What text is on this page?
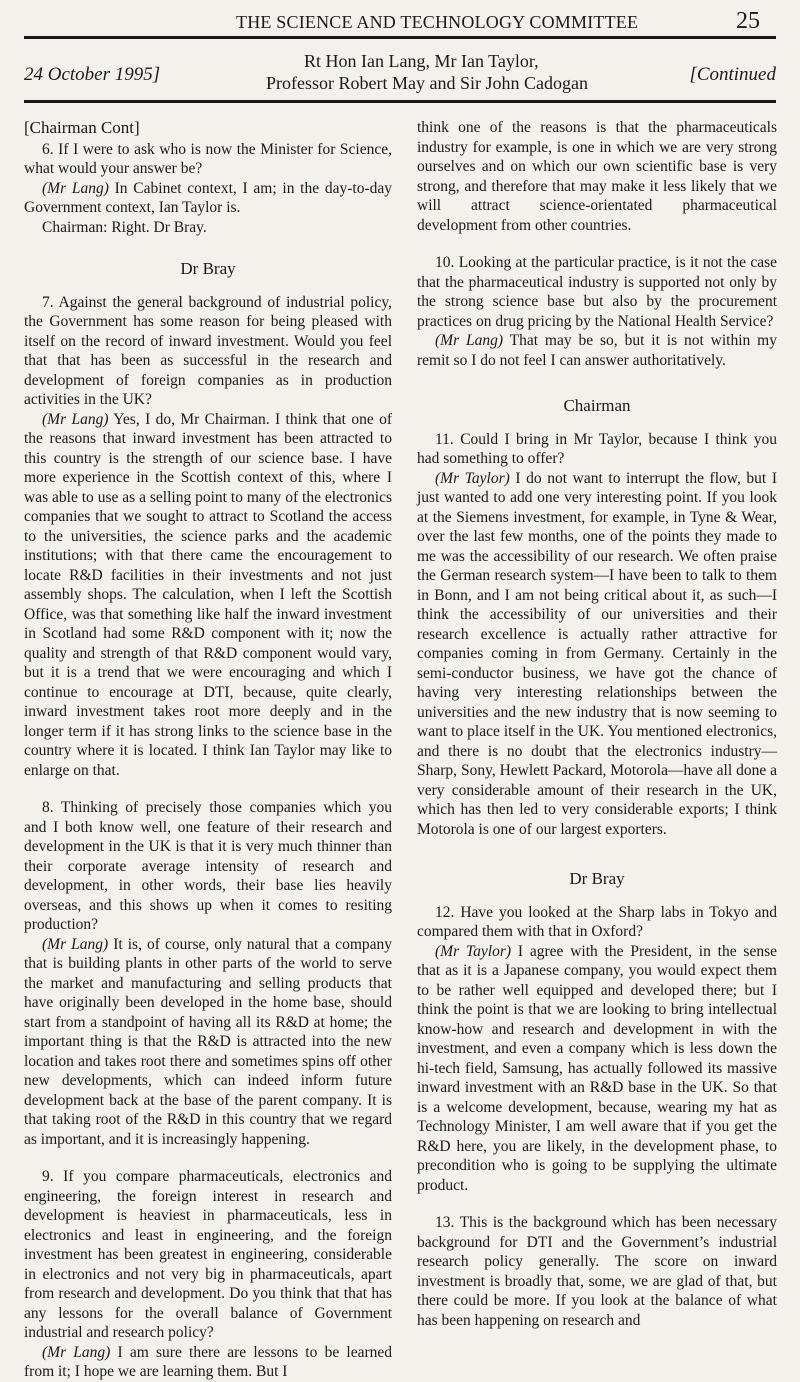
THE SCIENCE AND TECHNOLOGY COMMITTEE	25
24 October 1995]
Rt Hon Ian Lang, Mr Ian Taylor,
Professor Robert May and Sir John Cadogan	[Continued
[Chairman Cont]

6. If I were to ask who is now the Minister for Science, what would your answer be?

(Mr Lang) In Cabinet context, I am; in the day-to-day Government context, Ian Taylor is.

Chairman: Right. Dr Bray.

Dr Bray

7. Against the general background of industrial policy, the Government has some reason for being pleased with itself on the record of inward investment. Would you feel that that has been as successful in the research and development of foreign companies as in production activities in the UK?

(Mr Lang) Yes, I do, Mr Chairman. I think that one of the reasons that inward investment has been attracted to this country is the strength of our science base. I have more experience in the Scottish context of this, where I was able to use as a selling point to many of the electronics companies that we sought to attract to Scotland the access to the universities, the science parks and the academic institutions; with that there came the encouragement to locate R&D facilities in their investments and not just assembly shops. The calculation, when I left the Scottish Office, was that something like half the inward investment in Scotland had some R&D component with it; now the quality and strength of that R&D component would vary, but it is a trend that we were encouraging and which I continue to encourage at DTI, because, quite clearly, inward investment takes root more deeply and in the longer term if it has strong links to the science base in the country where it is located. I think Ian Taylor may like to enlarge on that.

8. Thinking of precisely those companies which you and I both know well, one feature of their research and development in the UK is that it is very much thinner than their corporate average intensity of research and development, in other words, their base lies heavily overseas, and this shows up when it comes to resiting production?

(Mr Lang) It is, of course, only natural that a company that is building plants in other parts of the world to serve the market and manufacturing and selling products that have originally been developed in the home base, should start from a standpoint of having all its R&D at home; the important thing is that the R&D is attracted into the new location and takes root there and sometimes spins off other new developments, which can indeed inform future development back at the base of the parent company. It is that taking root of the R&D in this country that we regard as important, and it is increasingly happening.

9. If you compare pharmaceuticals, electronics and engineering, the foreign interest in research and development is heaviest in pharmaceuticals, less in electronics and least in engineering, and the foreign investment has been greatest in engineering, considerable in electronics and not very big in pharmaceuticals, apart from research and development. Do you think that that has any lessons for the overall balance of Government industrial and research policy?

(Mr Lang) I am sure there are lessons to be learned from it; I hope we are learning them. But I

think one of the reasons is that the pharmaceuticals industry for example, is one in which we are very strong ourselves and on which our own scientific base is very strong, and therefore that may make it less likely that we will attract science-orientated pharmaceutical development from other countries.

10. Looking at the particular practice, is it not the case that the pharmaceutical industry is supported not only by the strong science base but also by the procurement practices on drug pricing by the National Health Service?

(Mr Lang) That may be so, but it is not within my remit so I do not feel I can answer authoritatively.

Chairman

11. Could I bring in Mr Taylor, because I think you had something to offer?

(Mr Taylor) I do not want to interrupt the flow, but I just wanted to add one very interesting point. If you look at the Siemens investment, for example, in Tyne & Wear, over the last few months, one of the points they made to me was the accessibility of our research. We often praise the German research system—I have been to talk to them in Bonn, and I am not being critical about it, as such—I think the accessibility of our universities and their research excellence is actually rather attractive for companies coming in from Germany. Certainly in the semi-conductor business, we have got the chance of having very interesting relationships between the universities and the new industry that is now seeming to want to place itself in the UK. You mentioned electronics, and there is no doubt that the electronics industry—Sharp, Sony, Hewlett Packard, Motorola—have all done a very considerable amount of their research in the UK, which has then led to very considerable exports; I think Motorola is one of our largest exporters.

Dr Bray

12. Have you looked at the Sharp labs in Tokyo and compared them with that in Oxford?

(Mr Taylor) I agree with the President, in the sense that as it is a Japanese company, you would expect them to be rather well equipped and developed there; but I think the point is that we are looking to bring intellectual know-how and research and development in with the investment, and even a company which is less down the hi-tech field, Samsung, has actually followed its massive inward investment with an R&D base in the UK. So that is a welcome development, because, wearing my hat as Technology Minister, I am well aware that if you get the R&D here, you are likely, in the development phase, to precondition who is going to be supplying the ultimate product.

13. This is the background which has been necessary background for DTI and the Government’s industrial research policy generally. The score on inward investment is broadly that, some, we are glad of that, but there could be more. If you look at the balance of what has been happening on research and
